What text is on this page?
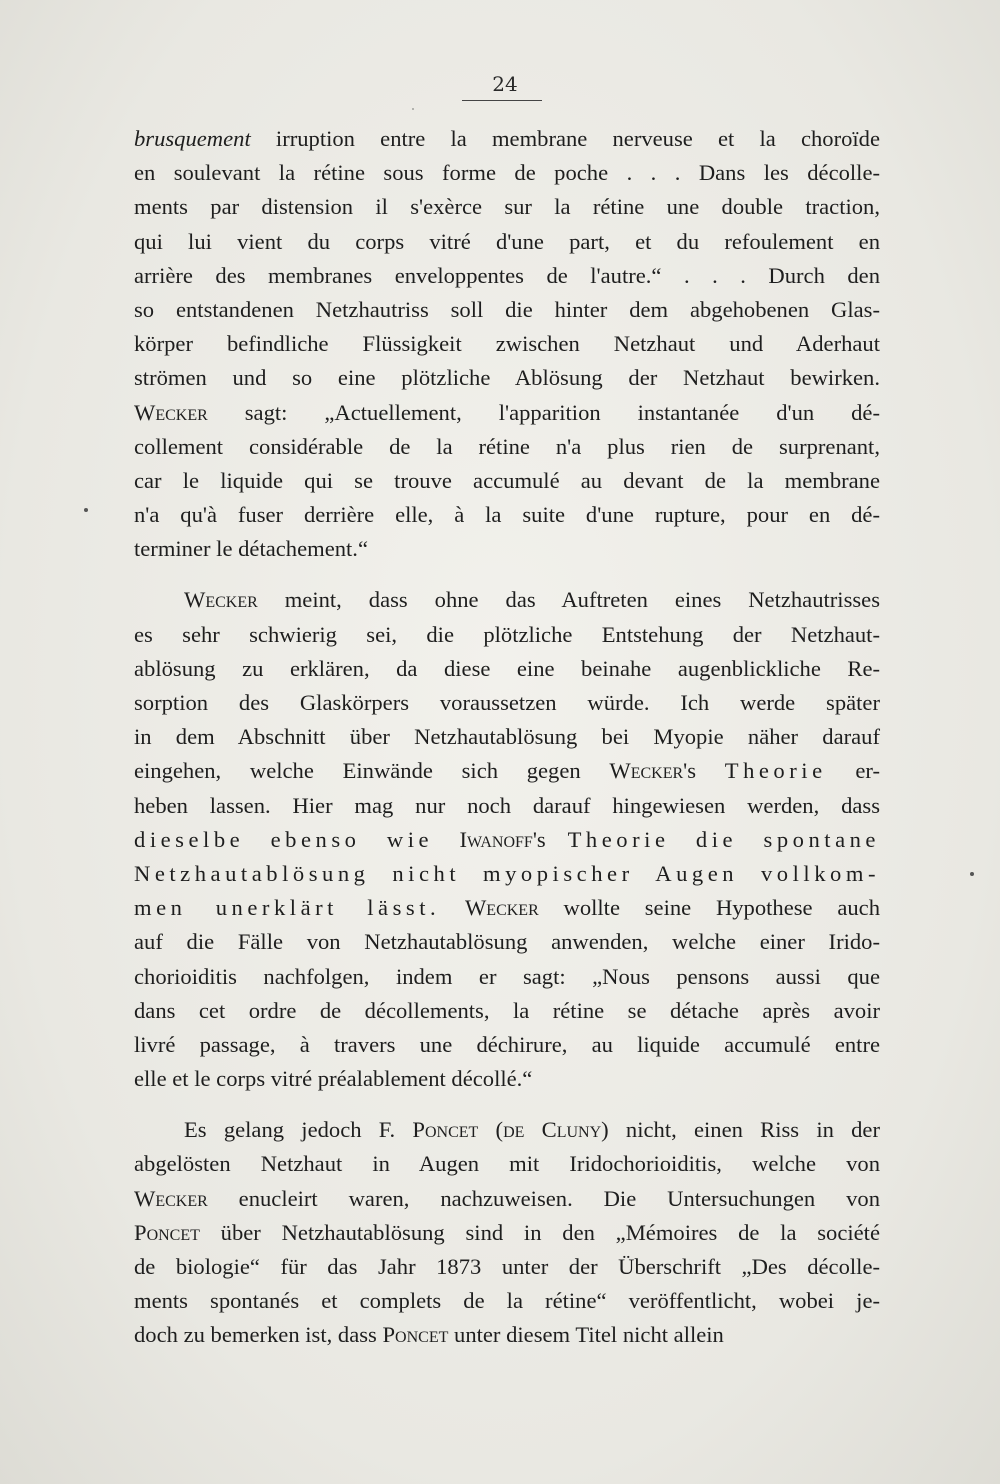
24
brusquement irruption entre la membrane nerveuse et la choroïde
en soulevant la rétine sous forme de poche . . . Dans les décolle-
ments par distension il s'exèrce sur la rétine une double traction,
qui lui vient du corps vitré d'une part, et du refoulement en
arrière des membranes enveloppentes de l'autre.“ . . . Durch den
so entstandenen Netzhautriss soll die hinter dem abgehobenen Glas-
körper befindliche Flüssigkeit zwischen Netzhaut und Aderhaut
strömen und so eine plötzliche Ablösung der Netzhaut bewirken.
Wecker sagt: „Actuellement, l'apparition instantanée d'un dé-
collement considérable de la rétine n'a plus rien de surprenant,
car le liquide qui se trouve accumulé au devant de la membrane
n'a qu'à fuser derrière elle, à la suite d'une rupture, pour en dé-
terminer le détachement.“
Wecker meint, dass ohne das Auftreten eines Netzhautrisses
es sehr schwierig sei, die plötzliche Entstehung der Netzhaut-
ablösung zu erklären, da diese eine beinahe augenblickliche Re-
sorption des Glaskörpers voraussetzen würde. Ich werde später
in dem Abschnitt über Netzhautablösung bei Myopie näher darauf
eingehen, welche Einwände sich gegen Wecker's Theorie er-
heben lassen. Hier mag nur noch darauf hingewiesen werden, dass
dieselbe ebenso wie Iwanoff's Theorie die spontane
Netzhautablösung nicht myopischer Augen vollkom-
men unerklärt lässt. Wecker wollte seine Hypothese auch
auf die Fälle von Netzhautablösung anwenden, welche einer Irido-
chorioiditis nachfolgen, indem er sagt: „Nous pensons aussi que
dans cet ordre de décollements, la rétine se détache après avoir
livré passage, à travers une déchirure, au liquide accumulé entre
elle et le corps vitré préalablement décollé.“
Es gelang jedoch F. Poncet (de Cluny) nicht, einen Riss in der
abgelösten Netzhaut in Augen mit Iridochorioiditis, welche von
Wecker enucleirt waren, nachzuweisen. Die Untersuchungen von
Poncet über Netzhautablösung sind in den „Mémoires de la société
de biologie“ für das Jahr 1873 unter der Überschrift „Des décolle-
ments spontanés et complets de la rétine“ veröffentlicht, wobei je-
doch zu bemerken ist, dass Poncet unter diesem Titel nicht allein
